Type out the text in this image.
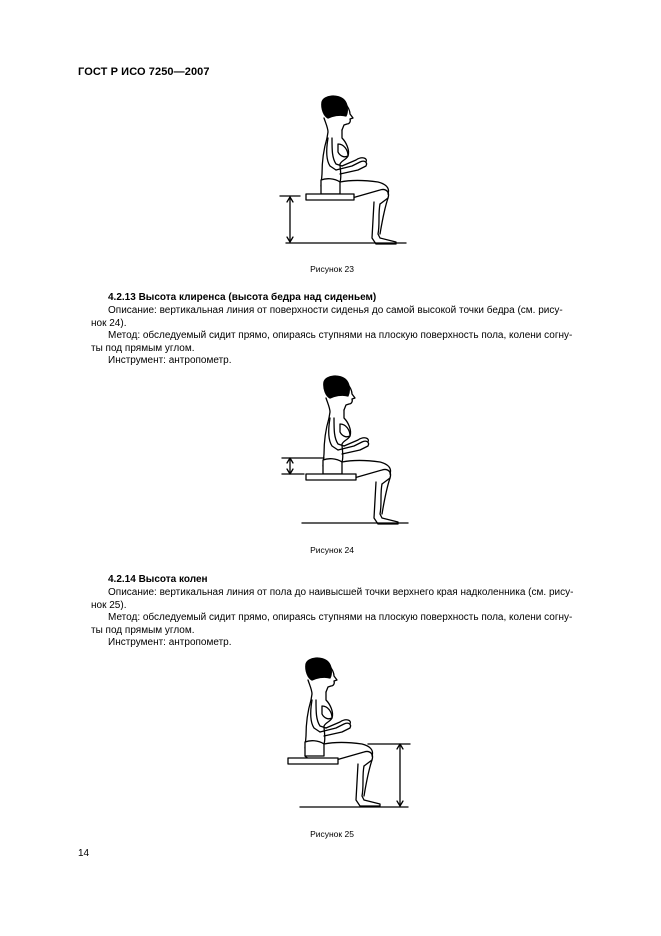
ГОСТ Р ИСО 7250—2007
Рисунок 23
4.2.13 Высота клиренса (высота бедра над сиденьем)
Описание: вертикальная линия от поверхности сиденья до самой высокой точки бедра (см. рису-
нок 24).
Метод: обследуемый сидит прямо, опираясь ступнями на плоскую поверхность пола, колени согну-
ты под прямым углом.
Инструмент: антропометр.
Рисунок 24
4.2.14 Высота колен
Описание: вертикальная линия от пола до наивысшей точки верхнего края надколенника (см. рису-
нок 25).
Метод: обследуемый сидит прямо, опираясь ступнями на плоскую поверхность пола, колени согну-
ты под прямым углом.
Инструмент: антропометр.
Рисунок 25
14
